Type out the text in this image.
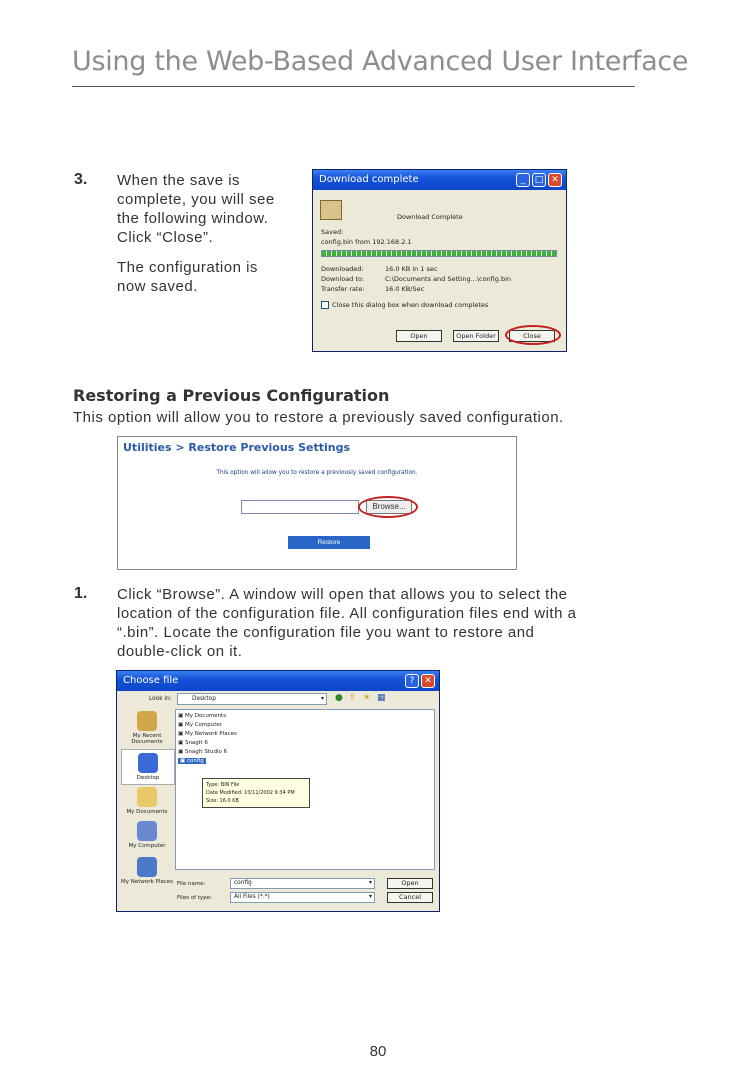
Using the Web-Based Advanced User Interface
3. When the save is
complete, you will see
the following window.
Click “Close”.
The configuration is
now saved.
Download complete	_	□ ✕
Download Complete
Saved:
config.bin from 192.168.2.1
Downloaded:	16.0 KB in 1 sec
Download to:	C:\Documents and Setting...\config.bin
Transfer rate:	16.0 KB/Sec
Close this dialog box when download completes
Open	Open Folder	Close
Restoring a Previous Configuration
This option will allow you to restore a previously saved configuration.
Utilities > Restore Previous Settings
This option will allow you to restore a previously saved configuration.
Browse...
Restore
1. Click “Browse”. A window will open that allows you to select the
location of the configuration file. All configuration files end with a
“.bin”. Locate the configuration file you want to restore and
double-click on it.
Choose file	?	✕
Look in:	Desktop	▾ ● ⇧ ✶ ▦
My Recent Documents
Desktop
My Documents
My Computer
My Network Places
▣ My Documents
▣ My Computer
▣ My Network Places
▣ SnagIt 6
▣ SnagIt Studio 6
▣ config
Type: BIN File
Date Modified: 10/11/2002 9:34 PM
Size: 16.0 KB
File name:	config	▾
Files of type:	All Files (*.*)	▾
Open
Cancel
80
